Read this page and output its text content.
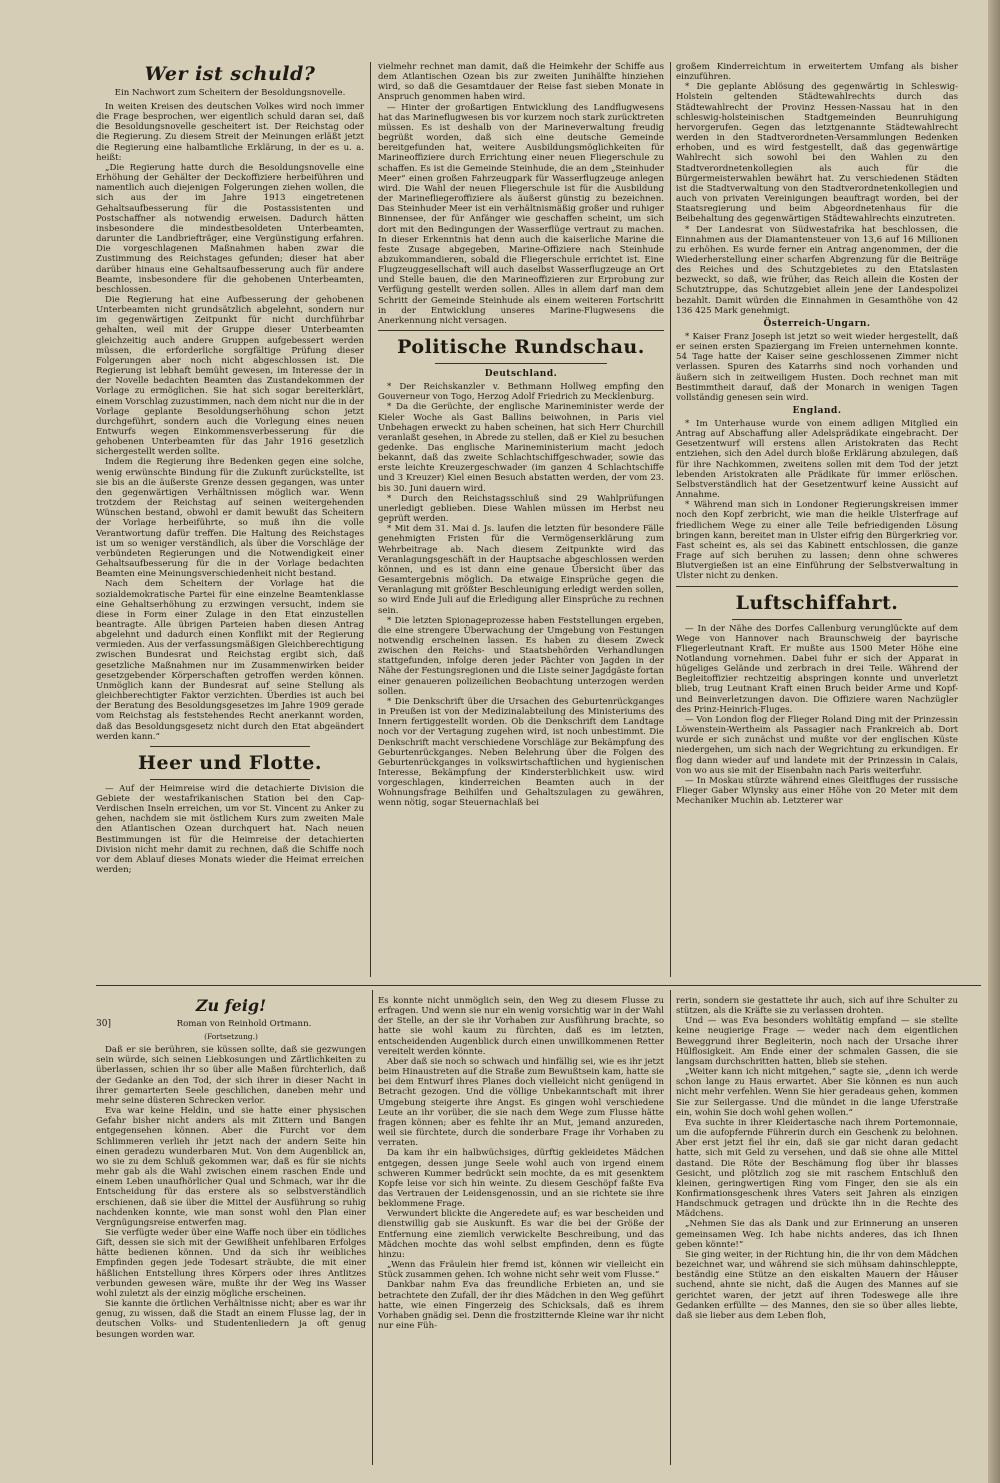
Wer ist schuld?
Ein Nachwort zum Scheitern der Besoldungsnovelle.

In weiten Kreisen des deutschen Volkes wird noch immer die Frage besprochen, wer eigentlich schuld daran sei, daß die Besoldungsnovelle gescheitert ist. Der Reichstag oder die Regierung. Zu diesem Streit der Meinungen erläßt jetzt die Regierung eine halbamtliche Erklärung, in der es u. a. heißt:

„Die Regierung hatte durch die Besoldungsnovelle eine Erhöhung der Gehälter der Deckoffiziere herbeiführen und namentlich auch diejenigen Folgerungen ziehen wollen, die sich aus der im Jahre 1913 eingetretenen Gehaltsaufbesserung für die Postassistenten und Postschaffner als notwendig erweisen. Dadurch hätten insbesondere die mindestbesoldeten Unterbeamten, darunter die Landbriefträger, eine Vergünstigung erfahren. Die vorgeschlagenen Maßnahmen haben zwar die Zustimmung des Reichstages gefunden; dieser hat aber darüber hinaus eine Gehaltsaufbesserung auch für andere Beamte, insbesondere für die gehobenen Unterbeamten, beschlossen.

Die Regierung hat eine Aufbesserung der gehobenen Unterbeamten nicht grundsätzlich abgelehnt, sondern nur im gegenwärtigen Zeitpunkt für nicht durchführbar gehalten, weil mit der Gruppe dieser Unterbeamten gleichzeitig auch andere Gruppen aufgebessert werden müssen, die erforderliche sorgfältige Prüfung dieser Folgerungen aber noch nicht abgeschlossen ist. Die Regierung ist lebhaft bemüht gewesen, im Interesse der in der Novelle bedachten Beamten das Zustandekommen der Vorlage zu ermöglichen. Sie hat sich sogar bereiterklärt, einem Vorschlag zuzustimmen, nach dem nicht nur die in der Vorlage geplante Besoldungserhöhung schon jetzt durchgeführt, sondern auch die Vorlegung eines neuen Entwurfs wegen Einkommensverbesserung für die gehobenen Unterbeamten für das Jahr 1916 gesetzlich sichergestellt werden sollte.

Indem die Regierung ihre Bedenken gegen eine solche, wenig erwünschte Bindung für die Zukunft zurückstellte, ist sie bis an die äußerste Grenze dessen gegangen, was unter den gegenwärtigen Verhältnissen möglich war. Wenn trotzdem der Reichstag auf seinen weitergehenden Wünschen bestand, obwohl er damit bewußt das Scheitern der Vorlage herbeiführte, so muß ihn die volle Verantwortung dafür treffen. Die Haltung des Reichstages ist um so weniger verständlich, als über die Vorschläge der verbündeten Regierungen und die Notwendigkeit einer Gehaltsaufbesserung für die in der Vorlage bedachten Beamten eine Meinungsverschiedenheit nicht bestand.

Nach dem Scheitern der Vorlage hat die sozialdemokratische Partei für eine einzelne Beamtenklasse eine Gehaltserhöhung zu erzwingen versucht, indem sie diese in Form einer Zulage in den Etat einzustellen beantragte. Alle übrigen Parteien haben diesen Antrag abgelehnt und dadurch einen Konflikt mit der Regierung vermieden. Aus der verfassungsmäßigen Gleichberechtigung zwischen Bundesrat und Reichstag ergibt sich, daß gesetzliche Maßnahmen nur im Zusammenwirken beider gesetzgebender Körperschaften getroffen werden können. Unmöglich kann der Bundesrat auf seine Stellung als gleichberechtigter Faktor verzichten. Überdies ist auch bei der Beratung des Besoldungsgesetzes im Jahre 1909 gerade vom Reichstag als feststehendes Recht anerkannt worden, daß das Besoldungsgesetz nicht durch den Etat abgeändert werden kann.“

Heer und Flotte.

— Auf der Heimreise wird die detachierte Division die Gebiete der westafrikanischen Station bei den Cap-Verdischen Inseln erreichen, um vor St. Vincent zu Anker zu gehen, nachdem sie mit östlichem Kurs zum zweiten Male den Atlantischen Ozean durchquert hat. Nach neuen Bestimmungen ist für die Heimreise der detachierten Division nicht mehr damit zu rechnen, daß die Schiffe noch vor dem Ablauf dieses Monats wieder die Heimat erreichen werden;

vielmehr rechnet man damit, daß die Heimkehr der Schiffe aus dem Atlantischen Ozean bis zur zweiten Junihälfte hinziehen wird, so daß die Gesamtdauer der Reise fast sieben Monate in Anspruch genommen haben wird.

— Hinter der großartigen Entwicklung des Landflugwesens hat das Marineflugwesen bis vor kurzem noch stark zurücktreten müssen. Es ist deshalb von der Marineverwaltung freudig begrüßt worden, daß sich eine deutsche Gemeinde bereitgefunden hat, weitere Ausbildungsmöglichkeiten für Marineoffiziere durch Errichtung einer neuen Fliegerschule zu schaffen. Es ist die Gemeinde Steinhude, die an dem „Steinhuder Meer“ einen großen Fahrzeugpark für Wasserflugzeuge anlegen wird. Die Wahl der neuen Fliegerschule ist für die Ausbildung der Marinefliegeroffiziere als äußerst günstig zu bezeichnen. Das Steinhuder Meer ist ein verhältnismäßig großer und ruhiger Binnensee, der für Anfänger wie geschaffen scheint, um sich dort mit den Bedingungen der Wasserflüge vertraut zu machen. In dieser Erkenntnis hat denn auch die kaiserliche Marine die feste Zusage abgegeben, Marine-Offiziere nach Steinhude abzukommandieren, sobald die Fliegerschule errichtet ist. Eine Flugzeuggesellschaft will auch daselbst Wasserflugzeuge an Ort und Stelle bauen, die den Marineoffizieren zur Erprobung zur Verfügung gestellt werden sollen. Alles in allem darf man dem Schritt der Gemeinde Steinhude als einem weiteren Fortschritt in der Entwicklung unseres Marine-Flugwesens die Anerkennung nicht versagen.

Politische Rundschau.
Deutschland.

* Der Reichskanzler v. Bethmann Hollweg empfing den Gouverneur von Togo, Herzog Adolf Friedrich zu Mecklenburg.

* Da die Gerüchte, der englische Marineminister werde der Kieler Woche als Gast Ballins beiwohnen, in Paris viel Unbehagen erweckt zu haben scheinen, hat sich Herr Churchill veranlaßt gesehen, in Abrede zu stellen, daß er Kiel zu besuchen gedenke. Das englische Marineministerium macht jedoch bekannt, daß das zweite Schlachtschiffgeschwader, sowie das erste leichte Kreuzergeschwader (im ganzen 4 Schlachtschiffe und 3 Kreuzer) Kiel einen Besuch abstatten werden, der vom 23. bis 30. Juni dauern wird.

* Durch den Reichstagsschluß sind 29 Wahlprüfungen unerledigt geblieben. Diese Wahlen müssen im Herbst neu geprüft werden.

* Mit dem 31. Mai d. Js. laufen die letzten für besondere Fälle genehmigten Fristen für die Vermögenserklärung zum Wehrbeitrage ab. Nach diesem Zeitpunkte wird das Veranlagungsgeschäft in der Hauptsache abgeschlossen werden können, und es ist dann eine genaue Übersicht über das Gesamtergebnis möglich. Da etwaige Einsprüche gegen die Veranlagung mit größter Beschleunigung erledigt werden sollen, so wird Ende Juli auf die Erledigung aller Einsprüche zu rechnen sein.

* Die letzten Spionageprozesse haben Feststellungen ergeben, die eine strengere Überwachung der Umgebung von Festungen notwendig erscheinen lassen. Es haben zu diesem Zweck zwischen den Reichs- und Staatsbehörden Verhandlungen stattgefunden, infolge deren jeder Pächter von Jagden in der Nähe der Festungsregionen und die Liste seiner Jagdgäste fortan einer genaueren polizeilichen Beobachtung unterzogen werden sollen.

* Die Denkschrift über die Ursachen des Geburtenrückganges in Preußen ist von der Medizinalabteilung des Ministeriums des Innern fertiggestellt worden. Ob die Denkschrift dem Landtage noch vor der Vertagung zugehen wird, ist noch unbestimmt. Die Denkschrift macht verschiedene Vorschläge zur Bekämpfung des Geburtenrückganges. Neben Belehrung über die Folgen des Geburtenrückganges in volkswirtschaftlichen und hygienischen Interesse, Bekämpfung der Kindersterblichkeit usw. wird vorgeschlagen, kinderreichen Beamten auch in der Wohnungsfrage Beihilfen und Gehaltszulagen zu gewähren, wenn nötig, sogar Steuernachlaß bei

großem Kinderreichtum in erweitertem Umfang als bisher einzuführen.

* Die geplante Ablösung des gegenwärtig in Schleswig-Holstein geltenden Städtewahlrechts durch das Städtewahlrecht der Provinz Hessen-Nassau hat in den schleswig-holsteinischen Stadtgemeinden Beunruhigung hervorgerufen. Gegen das letztgenannte Städtewahlrecht werden in den Stadtverordneten-Versammlungen Bedenken erhoben, und es wird festgestellt, daß das gegenwärtige Wahlrecht sich sowohl bei den Wahlen zu den Stadtverordnetenkollegien als auch für die Bürgermeisterwahlen bewährt hat. Zu verschiedenen Städten ist die Stadtverwaltung von den Stadtverordnetenkollegien und auch von privaten Vereinigungen beauftragt worden, bei der Staatsregierung und beim Abgeordnetenhaus für die Beibehaltung des gegenwärtigen Städtewahlrechts einzutreten.

* Der Landesrat von Südwestafrika hat beschlossen, die Einnahmen aus der Diamantensteuer von 13,6 auf 16 Millionen zu erhöhen. Es wurde ferner ein Antrag angenommen, der die Wiederherstellung einer scharfen Abgrenzung für die Beiträge des Reiches und des Schutzgebietes zu den Etatslasten bezweckt, so daß, wie früher, das Reich allein die Kosten der Schutztruppe, das Schutzgebiet allein jene der Landespolizei bezahlt. Damit würden die Einnahmen in Gesamthöhe von 42 136 425 Mark genehmigt.

Österreich-Ungarn.

* Kaiser Franz Joseph ist jetzt so weit wieder hergestellt, daß er seinen ersten Spaziergang im Freien unternehmen konnte. 54 Tage hatte der Kaiser seine geschlossenen Zimmer nicht verlassen. Spuren des Katarrhs sind noch vorhanden und äußern sich in zeitweiligem Husten. Doch rechnet man mit Bestimmtheit darauf, daß der Monarch in wenigen Tagen vollständig genesen sein wird.

England.

* Im Unterhause wurde von einem adligen Mitglied ein Antrag auf Abschaffung aller Adelsprädikate eingebracht. Der Gesetzentwurf will erstens allen Aristokraten das Recht entziehen, sich den Adel durch bloße Erklärung abzulegen, daß für ihre Nachkommen, zweitens sollen mit dem Tod der jetzt lebenden Aristokraten alle Prädikate für immer erlöschen. Selbstverständlich hat der Gesetzentwurf keine Aussicht auf Annahme.

* Während man sich in Londoner Regierungskreisen immer noch den Kopf zerbricht, wie man die heikle Ulsterfrage auf friedlichem Wege zu einer alle Teile befriedigenden Lösung bringen kann, bereitet man in Ulster eifrig den Bürgerkrieg vor. Fast scheint es, als sei das Kabinett entschlossen, die ganze Frage auf sich beruhen zu lassen; denn ohne schweres Blutvergießen ist an eine Einführung der Selbstverwaltung in Ulster nicht zu denken.

Luftschiffahrt.

— In der Nähe des Dorfes Callenburg verunglückte auf dem Wege von Hannover nach Braunschweig der bayrische Fliegerleutnant Kraft. Er mußte aus 1500 Meter Höhe eine Notlandung vornehmen. Dabei fuhr er sich der Apparat in hügeliges Gelände und zerbrach in drei Teile. Während der Begleitoffizier rechtzeitig abspringen konnte und unverletzt blieb, trug Leutnant Kraft einen Bruch beider Arme und Kopf- und Beinverletzungen davon. Die Offiziere waren Nachzügler des Prinz-Heinrich-Fluges.

— Von London flog der Flieger Roland Ding mit der Prinzessin Löwenstein-Wertheim als Passagier nach Frankreich ab. Dort wurde er sich zunächst und mußte vor der englischen Küste niedergehen, um sich nach der Wegrichtung zu erkundigen. Er flog dann wieder auf und landete mit der Prinzessin in Calais, von wo aus sie mit der Eisenbahn nach Paris weiterfuhr.

— In Moskau stürzte während eines Gleitfluges der russische Flieger Gaber Wlynsky aus einer Höhe von 20 Meter mit dem Mechaniker Muchin ab. Letzterer war

Zu feig!
30]	Roman von Reinhold Ortmann.
(Fortsetzung.)

Daß er sie berühren, sie küssen sollte, daß sie gezwungen sein würde, sich seinen Liebkosungen und Zärtlichkeiten zu überlassen, schien ihr so über alle Maßen fürchterlich, daß der Gedanke an den Tod, der sich ihrer in dieser Nacht in ihrer gemarterten Seele geschlichen, daneben mehr und mehr seine düsteren Schrecken verlor.

Eva war keine Heldin, und sie hatte einer physischen Gefahr bisher nicht anders als mit Zittern und Bangen entgegensehen können. Aber die Furcht vor dem Schlimmeren verlieh ihr jetzt nach der andern Seite hin einen geradezu wunderbaren Mut. Von dem Augenblick an, wo sie zu dem Schluß gekommen war, daß es für sie nichts mehr gab als die Wahl zwischen einem raschen Ende und einem Leben unaufhörlicher Qual und Schmach, war ihr die Entscheidung für das erstere als so selbstverständlich erschienen, daß sie über die Mittel der Ausführung so ruhig nachdenken konnte, wie man sonst wohl den Plan einer Vergnügungsreise entwerfen mag.

Sie verfügte weder über eine Waffe noch über ein tödliches Gift, dessen sie sich mit der Gewißheit unfehlbaren Erfolges hätte bedienen können. Und da sich ihr weibliches Empfinden gegen jede Todesart sträubte, die mit einer häßlichen Entstellung ihres Körpers oder ihres Antlitzes verbunden gewesen wäre, mußte ihr der Weg ins Wasser wohl zuletzt als der einzig mögliche erscheinen.

Sie kannte die örtlichen Verhältnisse nicht; aber es war ihr genug, zu wissen, daß die Stadt an einem Flusse lag, der in deutschen Volks- und Studentenliedern ja oft genug besungen worden war.

Es konnte nicht unmöglich sein, den Weg zu diesem Flusse zu erfragen. Und wenn sie nur ein wenig vorsichtig war in der Wahl der Stelle, an der sie ihr Vorhaben zur Ausführung brachte, so hatte sie wohl kaum zu fürchten, daß es im letzten, entscheidenden Augenblick durch einen unwillkommenen Retter vereitelt werden könnte.

Aber daß sie noch so schwach und hinfällig sei, wie es ihr jetzt beim Hinaustreten auf die Straße zum Bewußtsein kam, hatte sie bei dem Entwurf ihres Planes doch vielleicht nicht genügend in Betracht gezogen. Und die völlige Unbekanntschaft mit ihrer Umgebung steigerte ihre Angst. Es gingen wohl verschiedene Leute an ihr vorüber, die sie nach dem Wege zum Flusse hätte fragen können; aber es fehlte ihr an Mut, jemand anzureden, weil sie fürchtete, durch die sonderbare Frage ihr Vorhaben zu verraten.

Da kam ihr ein halbwüchsiges, dürftig gekleidetes Mädchen entgegen, dessen junge Seele wohl auch von irgend einem schweren Kummer bedrückt sein mochte, da es mit gesenktem Kopfe leise vor sich hin weinte. Zu diesem Geschöpf faßte Eva das Vertrauen der Leidensgenossin, und an sie richtete sie ihre beklommene Frage.

Verwundert blickte die Angeredete auf; es war bescheiden und dienstwillig gab sie Auskunft. Es war die bei der Größe der Entfernung eine ziemlich verwickelte Beschreibung, und das Mädchen mochte das wohl selbst empfinden, denn es fügte hinzu:

„Wenn das Fräulein hier fremd ist, können wir vielleicht ein Stück zusammen gehen. Ich wohne nicht sehr weit vom Flusse.“

Dankbar nahm Eva das freundliche Erbieten an, und sie betrachtete den Zufall, der ihr dies Mädchen in den Weg geführt hatte, wie einen Fingerzeig des Schicksals, daß es ihrem Vorhaben gnädig sei. Denn die frostzitternde Kleine war ihr nicht nur eine Füh-

rerin, sondern sie gestattete ihr auch, sich auf ihre Schulter zu stützen, als die Kräfte sie zu verlassen drohten.

Und — was Eva besonders wohltätig empfand — sie stellte keine neugierige Frage — weder nach dem eigentlichen Beweggrund ihrer Begleiterin, noch nach der Ursache ihrer Hülflosigkeit. Am Ende einer der schmalen Gassen, die sie langsam durchschritten hatten, blieb sie stehen.

„Weiter kann ich nicht mitgehen,“ sagte sie, „denn ich werde schon lange zu Haus erwartet. Aber Sie können es nun auch nicht mehr verfehlen. Wenn Sie hier geradeaus gehen, kommen Sie zur Seilergasse. Und die mündet in die lange Uferstraße ein, wohin Sie doch wohl gehen wollen.“

Eva suchte in ihrer Kleidertasche nach ihrem Portemonnaie, um die aufopfernde Führerin durch ein Geschenk zu belohnen. Aber erst jetzt fiel ihr ein, daß sie gar nicht daran gedacht hatte, sich mit Geld zu versehen, und daß sie ohne alle Mittel dastand. Die Röte der Beschämung flog über ihr blasses Gesicht, und plötzlich zog sie mit raschem Entschluß den kleinen, geringwertigen Ring vom Finger, den sie als ein Konfirmationsgeschenk ihres Vaters seit Jahren als einzigen Handschmuck getragen und drückte ihn in die Rechte des Mädchens.

„Nehmen Sie das als Dank und zur Erinnerung an unseren gemeinsamen Weg. Ich habe nichts anderes, das ich Ihnen geben könnte!“

Sie ging weiter, in der Richtung hin, die ihr von dem Mädchen bezeichnet war, und während sie sich mühsam dahinschleppte, beständig eine Stütze an den eiskalten Mauern der Häuser suchend, ahnte sie nicht, daß die Augen des Mannes auf sie gerichtet waren, der jetzt auf ihren Todeswege alle ihre Gedanken erfüllte — des Mannes, den sie so über alles liebte, daß sie lieber aus dem Leben floh,
